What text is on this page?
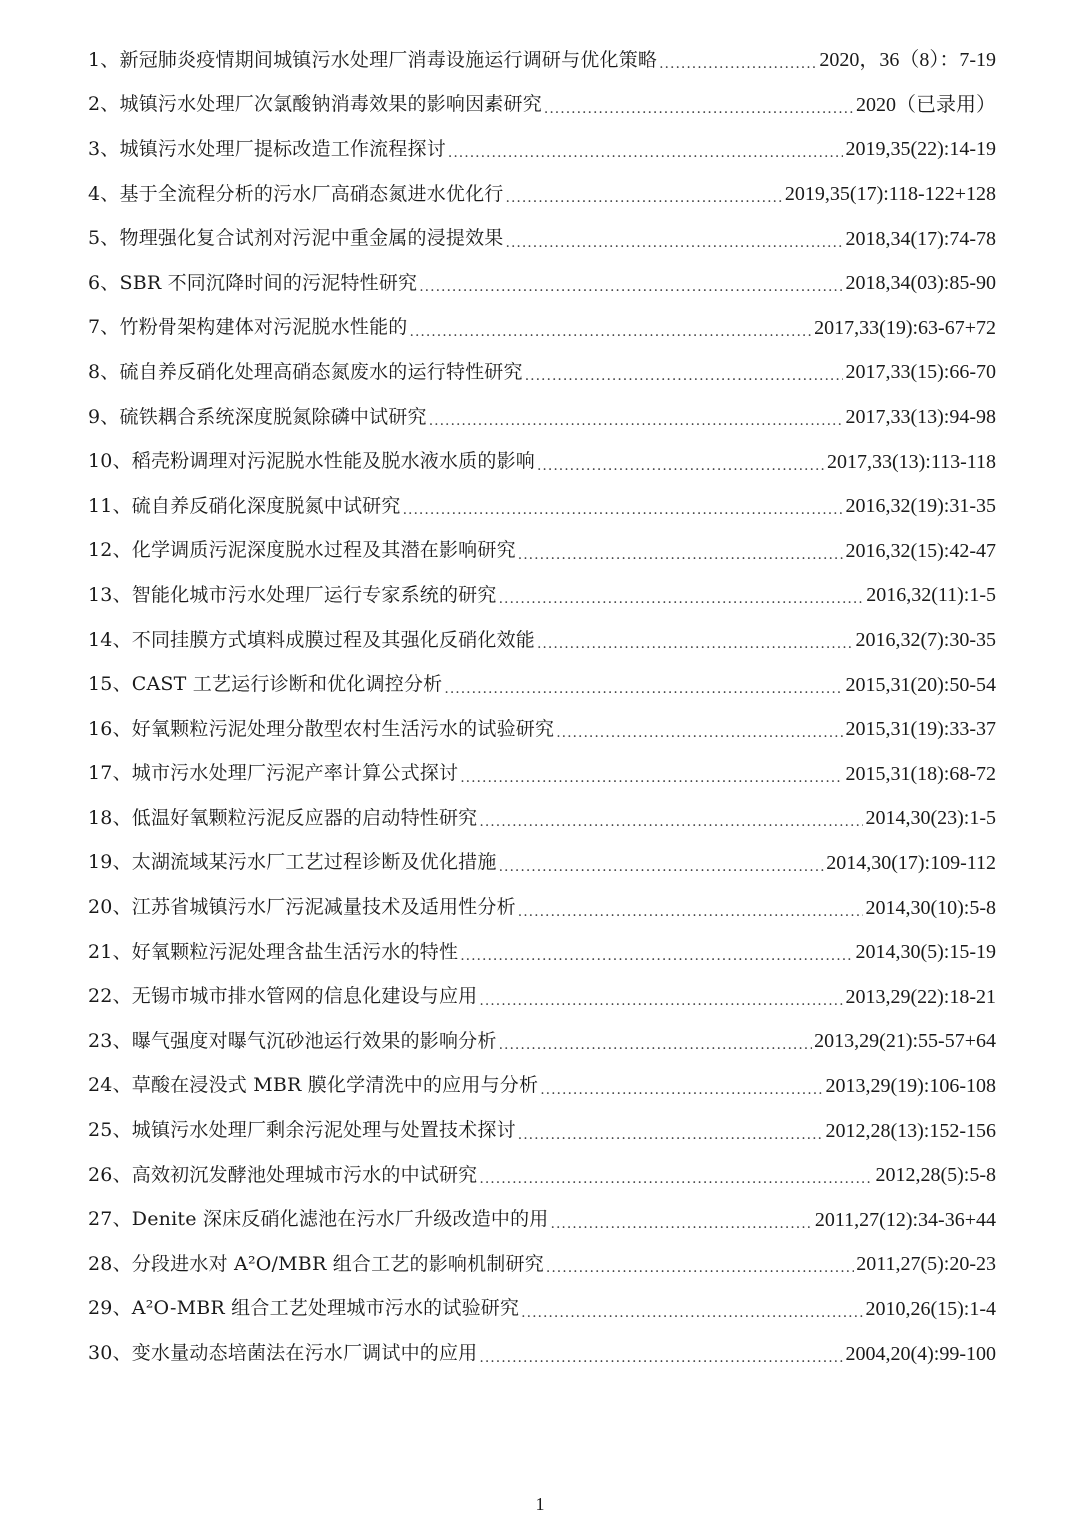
1、新冠肺炎疫情期间城镇污水处理厂消毒设施运行调研与优化策略 .....	2020，36（8）：7-19
2、城镇污水处理厂次氯酸钠消毒效果的影响因素研究 .....	2020（已录用）
3、城镇污水处理厂提标改造工作流程探讨 .....	2019,35(22):14-19
4、基于全流程分析的污水厂高硝态氮进水优化行 .....	2019,35(17):118-122+128
5、物理强化复合试剂对污泥中重金属的浸提效果 .....	2018,34(17):74-78
6、SBR 不同沉降时间的污泥特性研究 .....	2018,34(03):85-90
7、竹粉骨架构建体对污泥脱水性能的 .....	2017,33(19):63-67+72
8、硫自养反硝化处理高硝态氮废水的运行特性研究 .....	2017,33(15):66-70
9、硫铁耦合系统深度脱氮除磷中试研究 .....	2017,33(13):94-98
10、稻壳粉调理对污泥脱水性能及脱水液水质的影响 .....	2017,33(13):113-118
11、硫自养反硝化深度脱氮中试研究 .....	2016,32(19):31-35
12、化学调质污泥深度脱水过程及其潜在影响研究 .....	2016,32(15):42-47
13、智能化城市污水处理厂运行专家系统的研究 .....	2016,32(11):1-5
14、不同挂膜方式填料成膜过程及其强化反硝化效能 .....	2016,32(7):30-35
15、CAST 工艺运行诊断和优化调控分析 .....	2015,31(20):50-54
16、好氧颗粒污泥处理分散型农村生活污水的试验研究 .....	2015,31(19):33-37
17、城市污水处理厂污泥产率计算公式探讨 .....	2015,31(18):68-72
18、低温好氧颗粒污泥反应器的启动特性研究 .....	2014,30(23):1-5
19、太湖流域某污水厂工艺过程诊断及优化措施 .....	2014,30(17):109-112
20、江苏省城镇污水厂污泥减量技术及适用性分析 .....	2014,30(10):5-8
21、好氧颗粒污泥处理含盐生活污水的特性 .....	2014,30(5):15-19
22、无锡市城市排水管网的信息化建设与应用 .....	2013,29(22):18-21
23、曝气强度对曝气沉砂池运行效果的影响分析 .....	2013,29(21):55-57+64
24、草酸在浸没式 MBR 膜化学清洗中的应用与分析 .....	2013,29(19):106-108
25、城镇污水处理厂剩余污泥处理与处置技术探讨 .....	2012,28(13):152-156
26、高效初沉发酵池处理城市污水的中试研究 .....	2012,28(5):5-8
27、Denite 深床反硝化滤池在污水厂升级改造中的用 .....	2011,27(12):34-36+44
28、分段进水对 A²O/MBR 组合工艺的影响机制研究 .....	2011,27(5):20-23
29、A²O-MBR 组合工艺处理城市污水的试验研究 .....	2010,26(15):1-4
30、变水量动态培菌法在污水厂调试中的应用 .....	2004,20(4):99-100
1
